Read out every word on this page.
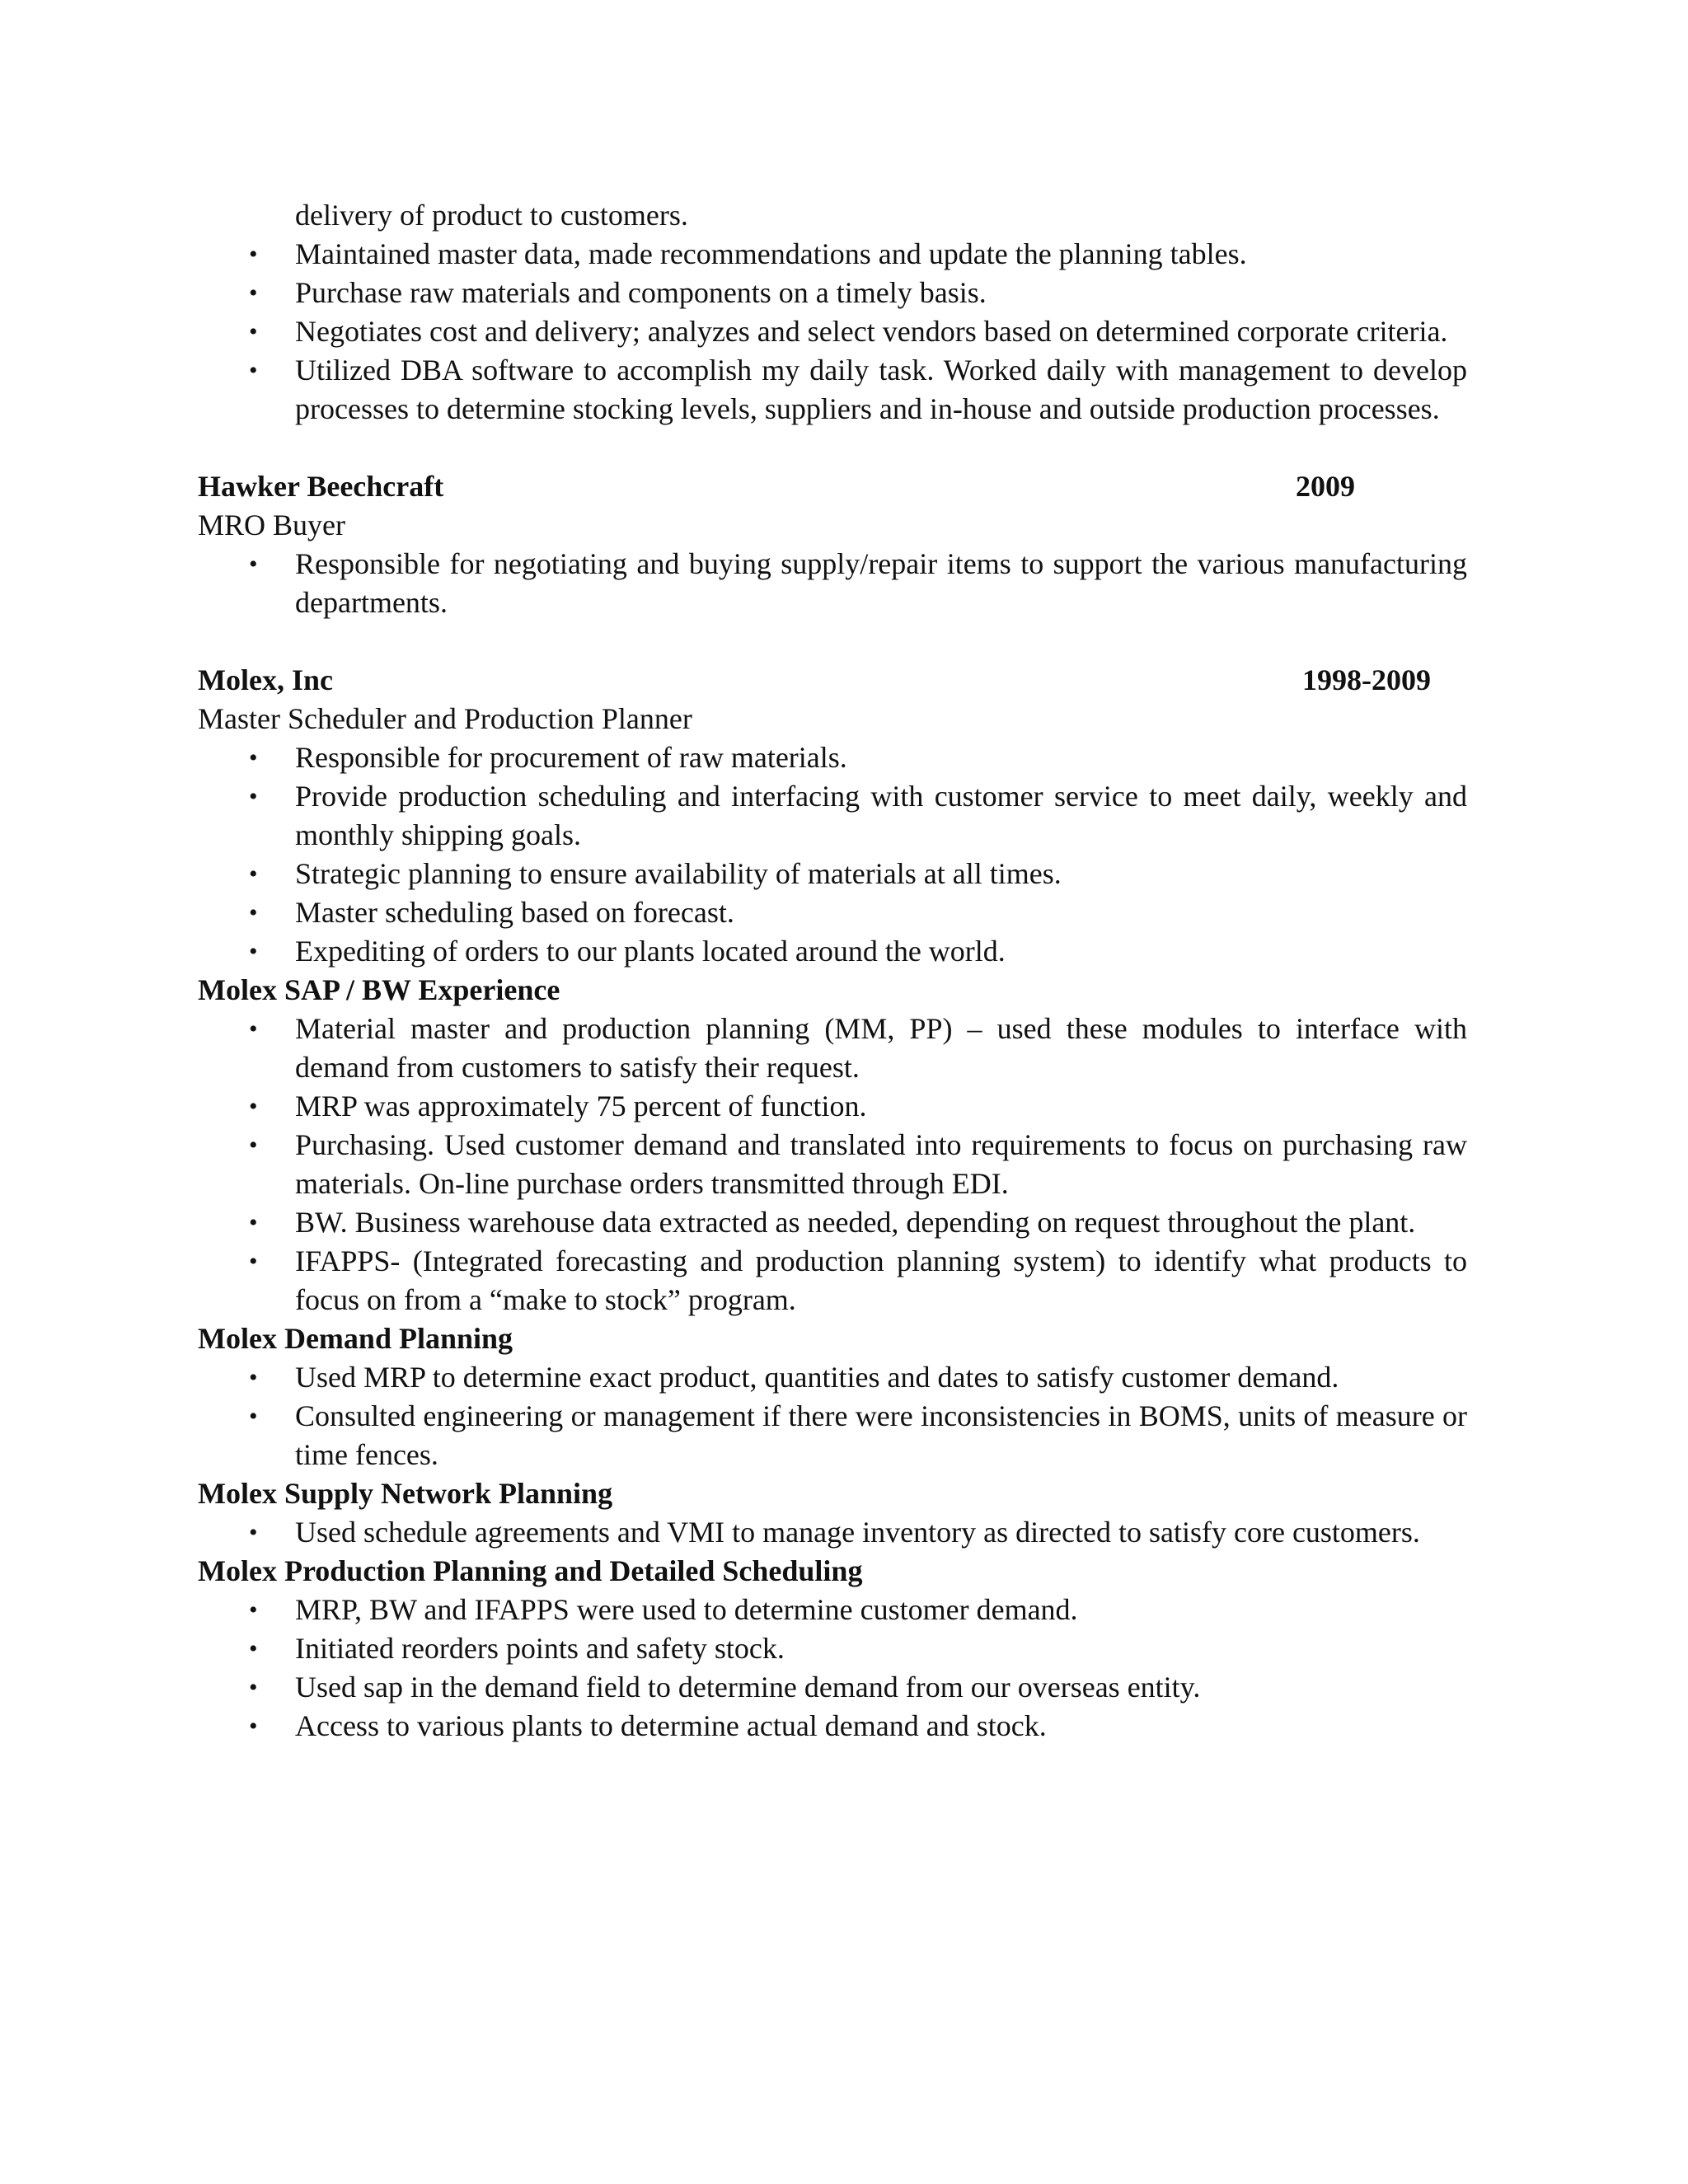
delivery of product to customers.
• Maintained master data, made recommendations and update the planning tables.
• Purchase raw materials and components on a timely basis.
• Negotiates cost and delivery; analyzes and select vendors based on determined corporate criteria.
• Utilized DBA software to accomplish my daily task. Worked daily with management to develop processes to determine stocking levels, suppliers and in-house and outside production processes.
Hawker Beechcraft	2009
MRO Buyer
• Responsible for negotiating and buying supply/repair items to support the various manufacturing departments.
Molex, Inc	1998-2009
Master Scheduler and Production Planner
• Responsible for procurement of raw materials.
• Provide production scheduling and interfacing with customer service to meet daily, weekly and monthly shipping goals.
• Strategic planning to ensure availability of materials at all times.
• Master scheduling based on forecast.
• Expediting of orders to our plants located around the world.
Molex SAP / BW Experience
• Material master and production planning (MM, PP) – used these modules to interface with demand from customers to satisfy their request.
• MRP was approximately 75 percent of function.
• Purchasing. Used customer demand and translated into requirements to focus on purchasing raw materials. On-line purchase orders transmitted through EDI.
• BW. Business warehouse data extracted as needed, depending on request throughout the plant.
• IFAPPS- (Integrated forecasting and production planning system) to identify what products to focus on from a “make to stock” program.
Molex Demand Planning
• Used MRP to determine exact product, quantities and dates to satisfy customer demand.
• Consulted engineering or management if there were inconsistencies in BOMS, units of measure or time fences.
Molex Supply Network Planning
• Used schedule agreements and VMI to manage inventory as directed to satisfy core customers.
Molex Production Planning and Detailed Scheduling
• MRP, BW and IFAPPS were used to determine customer demand.
• Initiated reorders points and safety stock.
• Used sap in the demand field to determine demand from our overseas entity.
• Access to various plants to determine actual demand and stock.
